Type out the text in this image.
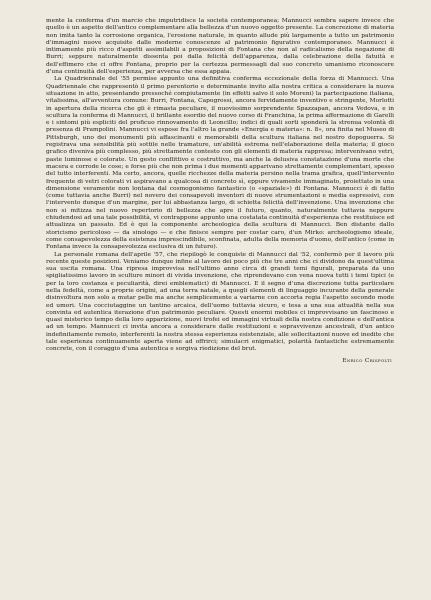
mente la conferma d'un marcio che imputridisce la società contemporanea; Mannucci sembra sapere invece che quello è un aspetto dell'antico complementare alla bellezza d'un nuovo oggetto presente. La concrezione di materia non imita tanto la corrosione organica, l'erosione naturale, in quanto allude più largamente a tutto un patrimonio d'immagini nuove acquisite dalle moderne conoscenze al patrimonio figurativo contemporaneo. Mannucci è intimamente più ricco d'aspetti assimilabili a proposizioni di Fontana che non al radicalismo della negazione di Burri; seppure naturalmente dissenta poi dalla felicità dell'apparenza, dalla celebrazione della fatuità e dell'effimero che ci offre Fontana, proprio per la certezza permessagli dal suo concreto umanismo riconoscere d'una continuità dell'esperienza, per avversa che essa appaia.

La Quadriennale del '55 permise appunto una definitiva conferma eccezionale della forza di Mannucci. Una Quadriennale che rappresentò il primo perentorio e determinante invito alla nostra critica a considerare la nuova situazione in atto, presentando pressoché compiutamente (in effetti salvo il solo Moreni) la partecipazione italiana, vitalissima, all'avventura comune: Burri, Fontana, Capogrossi, ancora fervidamente inventivo e stringente, Morlotti in apertura della ricerca che gli è rimasta peculiare, il nuovissimo sorprendente Spazzapan, ancora Vedova, e in scultura la conferma di Mannucci, il brillante esordio del nuovo corso di Franchina, la prima affermazione di Garelli e i sintomi più espliciti del proficuo rinnovamento di Leoncillo; indici di quali sorti sponderà la strenua volontà di presenza di Prampolini. Mannucci vi espose fra l'altro la grande «Energia e materia»: n. 8», ora finita nel Museo di Pittsburgh, uno dei monumenti più affascinanti e memorabili della scultura italiana nel nostro dopoguerra. Si registrava una sensibilità più sottile nelle tramature, un'abilità estrema nell'elaborazione della materia; il gioco grafico diveniva più complesso, più strettamente contesto con gli elementi di materia rappresa; intervenivano vetri, paste luminose e colorate. Un gesto conflittivo e costruttivo, ma anche la delusiva constatazione d'una morte che macera e corrode le cose; e forse più che non prima i due momenti apparivano strettamente complementari, spesso del tutto interferenti. Ma certo, ancora, quelle ricchezze della materia persino nella trama grafica, quell'intervento frequente di vetri colorati vi aspiravano a qualcosa di concreto sì, eppure vivamente immaginato, proiettato in una dimensione veramente non lontana dal cosmogonismo fantastico (o «spaziale») di Fontana. Mannucci è di fatto (come tuttavia anche Burri) nel novero dei consapevoli inventori di nuove strumentazioni e media espressivi, con l'intervento dunque d'un margine, per lui abbastanza largo, di schietta felicità dell'invenzione. Una invenzione che non si mitizza nel nuovo repertorio di bellezza che apre il futuro, quanto, naturalmente tuttavia neppure chiudendosi ad una tale possibilità, vi contrappone appunto una costatata continuità d'esperienza che restituisce ed attualizza un passato. Ed è qui la componente archeologica della scultura di Mannucci. Ben distante dallo storicismo pericoloso — da sinologo — e che finisce sempre per costar caro, d'un Mirko: archeologismo ideale, come consapevolezza della esistenza imprescindibile, sconfinata, adulta della memoria d'uomo, dell'antico (come in Fontana invece la consapevolezza esclusiva di un futuro).

La personale romana dell'aprile '57, che riepilogò le conquiste di Mannucci dal '52, confermò per il lavoro più recente queste posizioni. Veniamo dunque infine al lavoro dei poco più che tre anni che ci dividono da quest'ultima sua uscita romana. Una ripresa improvvisa nell'ultimo anno circa di grandi temi figurali, preparata da uno spigliatissimo lavoro in sculture minori di vivida invenzione, che riprendevano con vena nuova tutti i temi tipici (e per la loro costanza e peculiarità, direi emblematici) di Mannucci. E il segno d'una discrezione tutta particolare nella fedeltà, come a proprie origini, ad una terra natale, a quegli elementi di linguaggio incurante della generale disinvoltura non solo a mutar pelle ma anche semplicemente a variarne con accorta regia l'aspetto secondo mode ed umori. Una cocciutaggine un tantino arcaica, dell'uomo tuttavia sicuro, e tesa a una sua attualità nella sua convinta ed autentica iterazione d'un patrimonio peculiare. Questi enormi mobiles ci improvvisano un fascinoso e quasi misterico tempo della loro apparizione, nuovi trofei ed immagini virtuali della nostra condizione e dell'antica ad un tempo. Mannucci ci invita ancora a considerare dalle restituzioni e sopravvivenze ancestrali, d'un antico indefinitamente remoto, interferenti la nostra stessa esperienza esistenziale, alle sollecitazioni nuove ed inedite che tale esperienza continuamente aperta viene ad offrirci; simulacri enigmatici, polarità fantastiche estremamente concrete, con il coraggio d'una autentica e sorgiva riedizione del brut.

Enrico Crispolti
